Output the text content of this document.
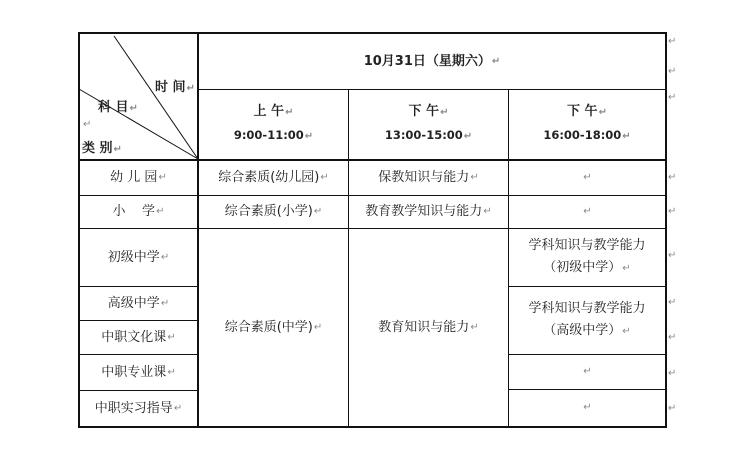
时 间↵
科 目↵
类 别↵
↵
10月31日（星期六） ↵
上 午↵
9:00-11:00↵
下 午↵
13:00-15:00↵
下 午↵
16:00-18:00↵
幼 儿 园 ↵
小    学 ↵
初级中学 ↵
高级中学 ↵
中职文化课 ↵
中职专业课 ↵
中职实习指导 ↵
综合素质(幼儿园) ↵
综合素质(小学) ↵
综合素质(中学) ↵
保教知识与能力 ↵
教育教学知识与能力 ↵
教育知识与能力 ↵
↵
↵
学科知识与教学能力
（初级中学）↵
学科知识与教学能力
（高级中学）↵
↵
↵
↵
↵
↵
↵
↵
↵
↵
↵
↵
↵
